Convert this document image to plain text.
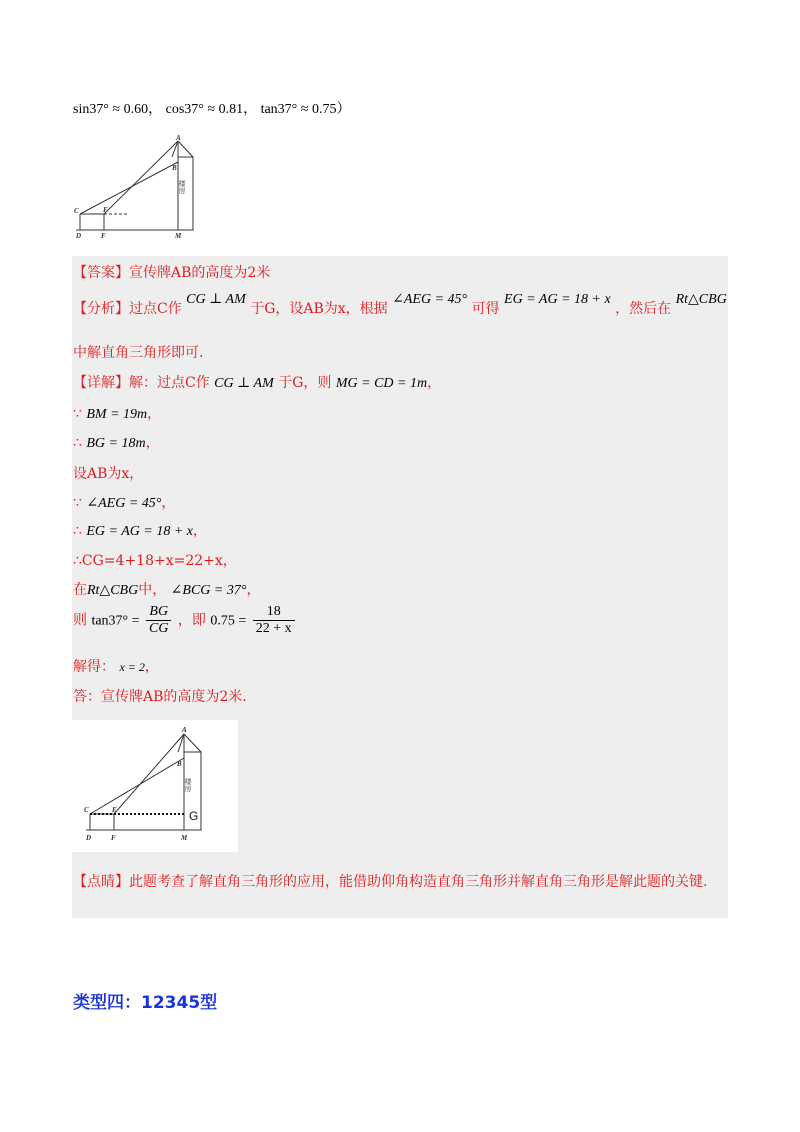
sin37° ≈ 0.60， cos37° ≈ 0.81， tan37° ≈ 0.75）
A
B
C	E
D	F	M
楼房
【答案】宣传牌AB的高度为2米
【分析】过点C作 CG ⊥ AM 于G，设AB为x，根据 ∠AEG = 45° 可得 EG = AG = 18 + x ，然后在 Rt△CBG
中解直角三角形即可.
【详解】解：过点C作 CG ⊥ AM 于G，则 MG = CD = 1m，
∵ BM = 19m，
∴ BG = 18m，
设AB为x，
∵ ∠AEG = 45°，
∴ EG = AG = 18 + x，
∴CG=4+18+x=22+x，
在Rt△CBG中， ∠BCG = 37°，
则 $\tan 37^\circ = \frac{BG}{CG}$ ，即 $0.75 = \frac{18}{22 + x}$
解得： x = 2，
答：宣传牌AB的高度为2米.
A
B
C	E
D	F	M
G
楼房
【点睛】此题考查了解直角三角形的应用，能借助仰角构造直角三角形并解直角三角形是解此题的关键.
类型四：12345型
